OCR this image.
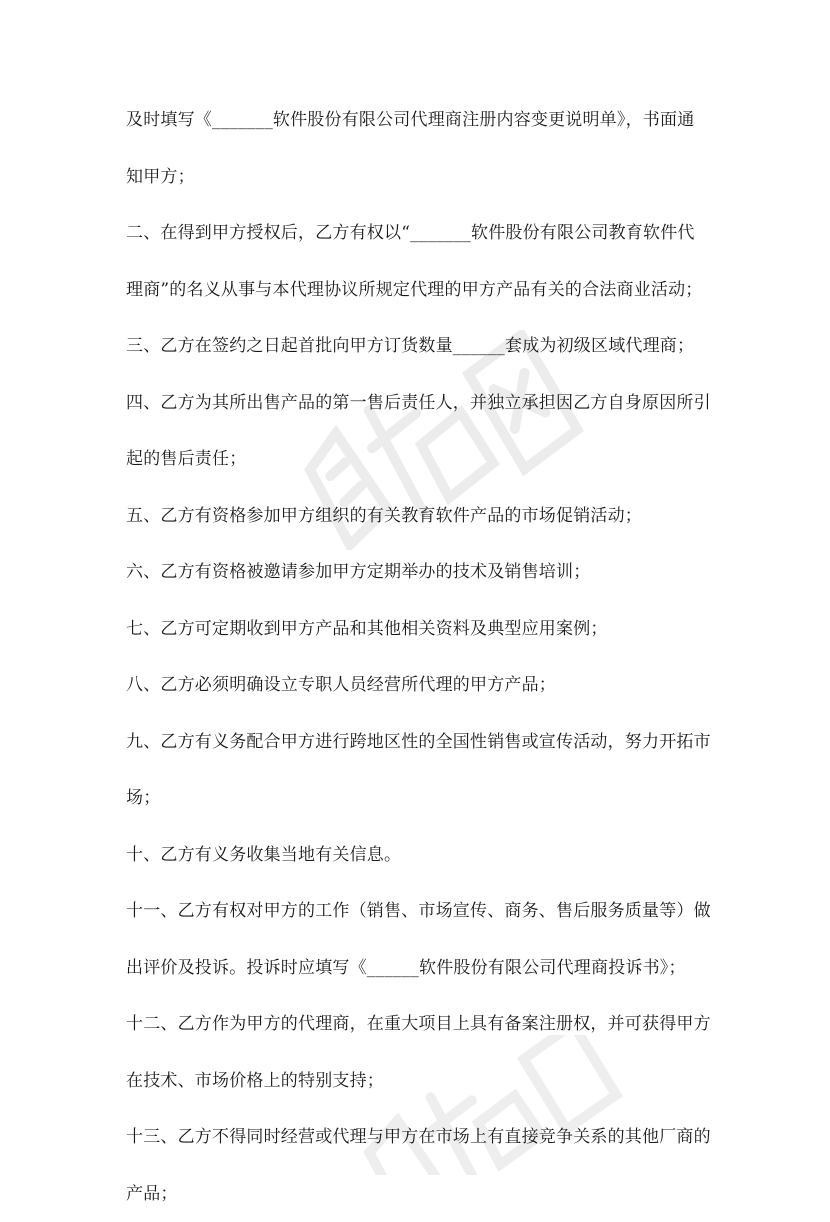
及时填写《_______软件股份有限公司代理商注册内容变更说明单》，书面通
知甲方；
二、在得到甲方授权后，乙方有权以“_______软件股份有限公司教育软件代
理商”的名义从事与本代理协议所规定代理的甲方产品有关的合法商业活动；
三、乙方在签约之日起首批向甲方订货数量______套成为初级区域代理商；
四、乙方为其所出售产品的第一售后责任人，并独立承担因乙方自身原因所引
起的售后责任；
五、乙方有资格参加甲方组织的有关教育软件产品的市场促销活动；
六、乙方有资格被邀请参加甲方定期举办的技术及销售培训；
七、乙方可定期收到甲方产品和其他相关资料及典型应用案例；
八、乙方必须明确设立专职人员经营所代理的甲方产品；
九、乙方有义务配合甲方进行跨地区性的全国性销售或宣传活动，努力开拓市
场；
十、乙方有义务收集当地有关信息。
十一、乙方有权对甲方的工作（销售、市场宣传、商务、售后服务质量等）做
出评价及投诉。投诉时应填写《______软件股份有限公司代理商投诉书》；
十二、乙方作为甲方的代理商，在重大项目上具有备案注册权，并可获得甲方
在技术、市场价格上的特别支持；
十三、乙方不得同时经营或代理与甲方在市场上有直接竞争关系的其他厂商的
产品；
